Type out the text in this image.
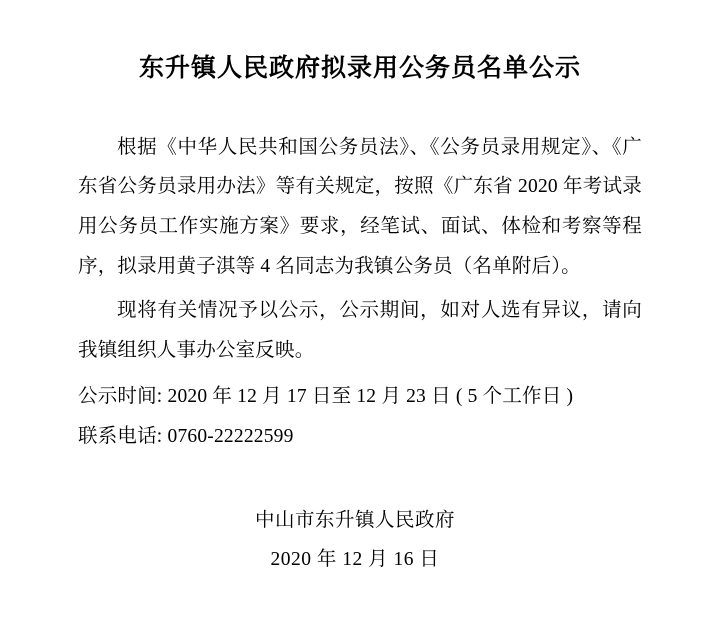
东升镇人民政府拟录用公务员名单公示

根据《中华人民共和国公务员法》、《公务员录用规定》、《广东省公务员录用办法》等有关规定，按照《广东省 2020 年考试录用公务员工作实施方案》要求，经笔试、面试、体检和考察等程序，拟录用黄子淇等 4 名同志为我镇公务员（名单附后）。

现将有关情况予以公示，公示期间，如对人选有异议，请向我镇组织人事办公室反映。

公示时间: 2020 年 12 月 17 日至 12 月 23 日 ( 5 个工作日 )

联系电话: 0760-22222599

中山市东升镇人民政府

2020 年 12 月 16 日
